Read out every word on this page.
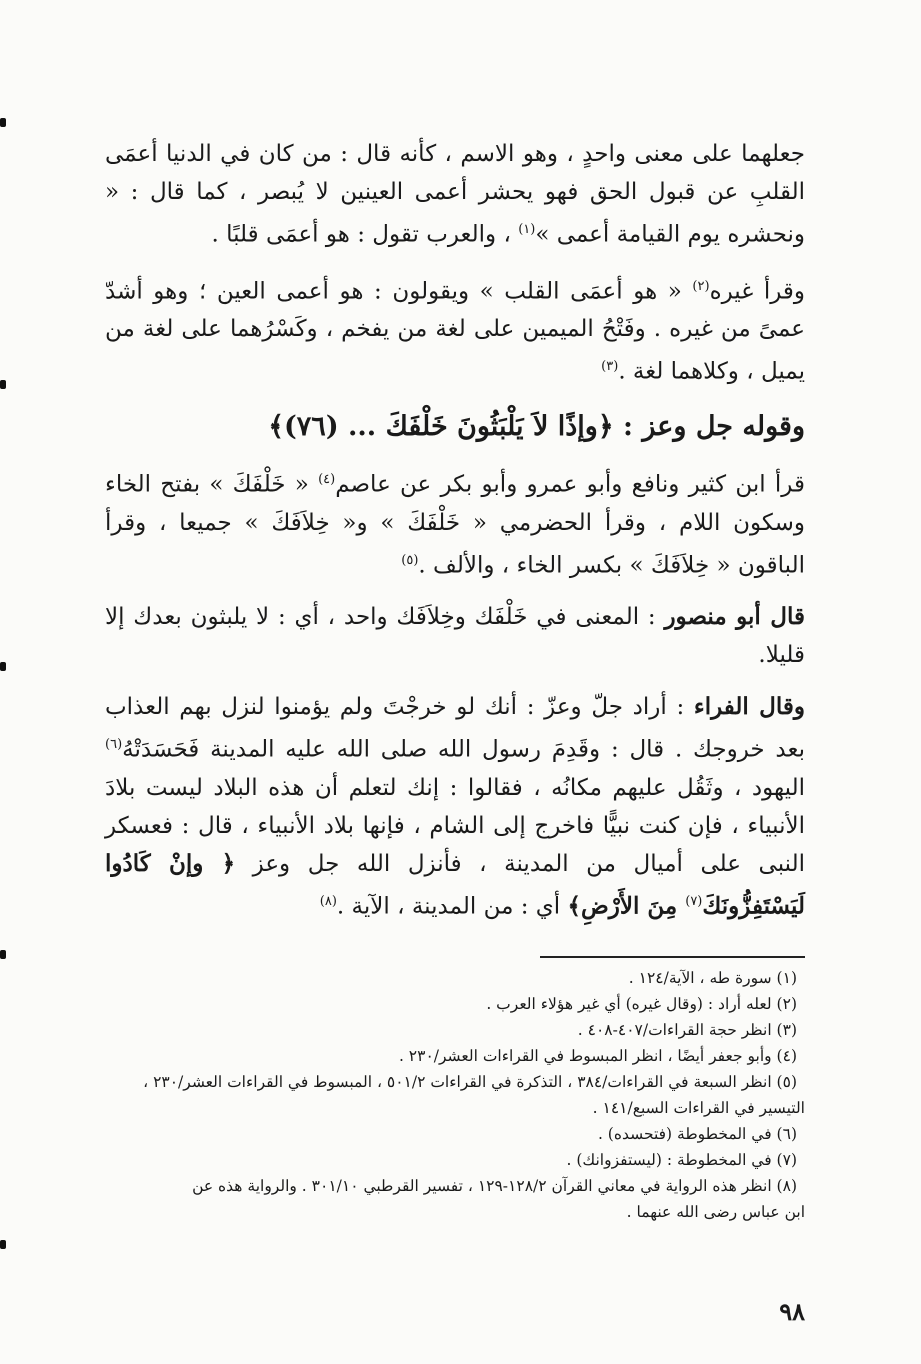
جعلهما على معنى واحدٍ ، وهو الاسم ، كأنه قال : من كان في الدنيا أعمَى القلبِ عن قبول الحق فهو يحشر أعمى العينين لا يُبصر ، كما قال : « ونحشره يوم القيامة أعمى »$^{(١)}$ ، والعرب تقول : هو أعمَى قلبًا .

وقرأ غيره$^{(٢)}$ « هو أعمَى القلب » ويقولون : هو أعمى العين ؛ وهو أشدّ عمىً من غيره . وفَتْحُ الميمين على لغة من يفخم ، وكَسْرُهما على لغة من يميل ، وكلاهما لغة .$^{(٣)}$

وقوله جل وعز : ﴿وإذًا لاَ يَلْبَثُونَ خَلْفَكَ ... (٧٦)﴾

قرأ ابن كثير ونافع وأبو عمرو وأبو بكر عن عاصم$^{(٤)}$ « خَلْفَكَ » بفتح الخاء وسكون اللام ، وقرأ الحضرمي « خَلْفَكَ » و« خِلاَفَكَ » جميعا ، وقرأ الباقون « خِلاَفَكَ » بكسر الخاء ، والألف .$^{(٥)}$

قال أبو منصور : المعنى في خَلْفَك وخِلاَفَك واحد ، أي : لا يلبثون بعدك إلا قليلا.

وقال الفراء : أراد جلّ وعزّ : أنك لو خرجْتَ ولم يؤمنوا لنزل بهم العذاب بعد خروجك . قال : وقَدِمَ رسول الله صلى الله عليه المدينة فَحَسَدَتْهُ$^{(٦)}$ اليهود ، وثَقُل عليهم مكانُه ، فقالوا : إنك لتعلم أن هذه البلاد ليست بلادَ الأنبياء ، فإن كنت نبيًّا فاخرج إلى الشام ، فإنها بلاد الأنبياء ، قال : فعسكر النبى على أميال من المدينة ، فأنزل الله جل وعز ﴿ وإنْ كَادُوا لَيَسْتَفِزُّونَكَ$^{(٧)}$ مِنَ الأَرْضِ﴾ أي : من المدينة ، الآية .$^{(٨)}$

(١) سورة طه ، الآية/١٢٤ .

(٢) لعله أراد : (وقال غيره) أي غير هؤلاء العرب .

(٣) انظر حجة القراءات/٤٠٧-٤٠٨ .

(٤) وأبو جعفر أيضًا ، انظر المبسوط في القراءات العشر/٢٣٠ .

(٥) انظر السبعة في القراءات/٣٨٤ ، التذكرة في القراءات ٥٠١/٢ ، المبسوط في القراءات العشر/٢٣٠ ،

التيسير في القراءات السبع/١٤١ .

(٦) في المخطوطة (فتحسده) .

(٧) في المخطوطة : (ليستفزوانك) .

(٨) انظر هذه الرواية في معاني القرآن ١٢٨/٢-١٢٩ ، تفسير القرطبي ٣٠١/١٠ . والرواية هذه عن

ابن عباس رضى الله عنهما .

٩٨
